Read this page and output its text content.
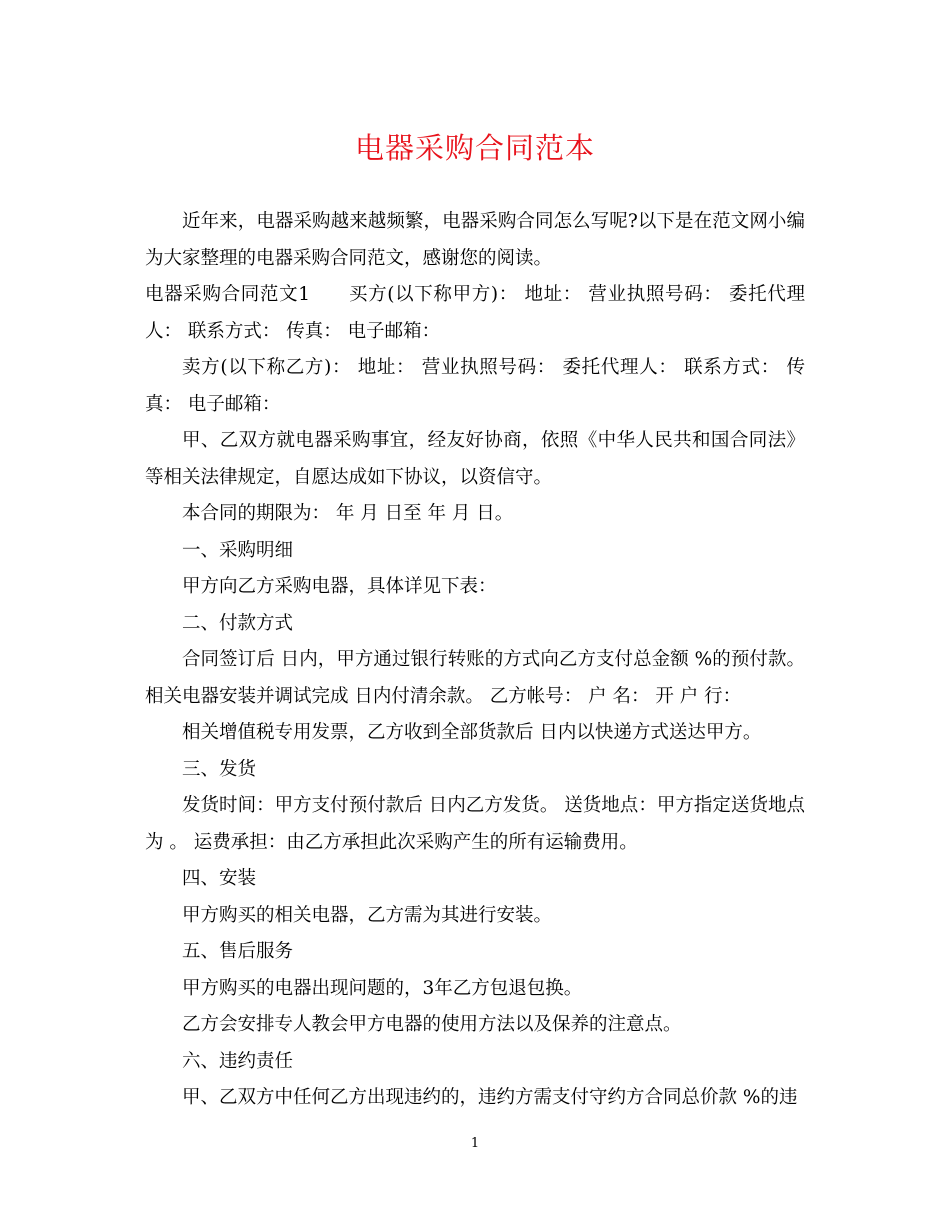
电器采购合同范本

近年来，电器采购越来越频繁，电器采购合同怎么写呢?以下是在范文网小编为大家整理的电器采购合同范文，感谢您的阅读。

电器采购合同范文1　　买方(以下称甲方)： 地址： 营业执照号码： 委托代理人： 联系方式： 传真： 电子邮箱：

卖方(以下称乙方)： 地址： 营业执照号码： 委托代理人： 联系方式： 传真： 电子邮箱：

甲、乙双方就电器采购事宜，经友好协商，依照《中华人民共和国合同法》等相关法律规定，自愿达成如下协议，以资信守。

本合同的期限为： 年 月 日至 年 月 日。

一、采购明细

甲方向乙方采购电器，具体详见下表：

二、付款方式

合同签订后 日内，甲方通过银行转账的方式向乙方支付总金额 %的预付款。相关电器安装并调试完成 日内付清余款。 乙方帐号： 户 名： 开 户 行：

相关增值税专用发票，乙方收到全部货款后 日内以快递方式送达甲方。

三、发货

发货时间：甲方支付预付款后 日内乙方发货。 送货地点：甲方指定送货地点为 。 运费承担：由乙方承担此次采购产生的所有运输费用。

四、安装

甲方购买的相关电器，乙方需为其进行安装。

五、售后服务

甲方购买的电器出现问题的，3年乙方包退包换。

乙方会安排专人教会甲方电器的使用方法以及保养的注意点。

六、违约责任

甲、乙双方中任何乙方出现违约的，违约方需支付守约方合同总价款 %的违

1
